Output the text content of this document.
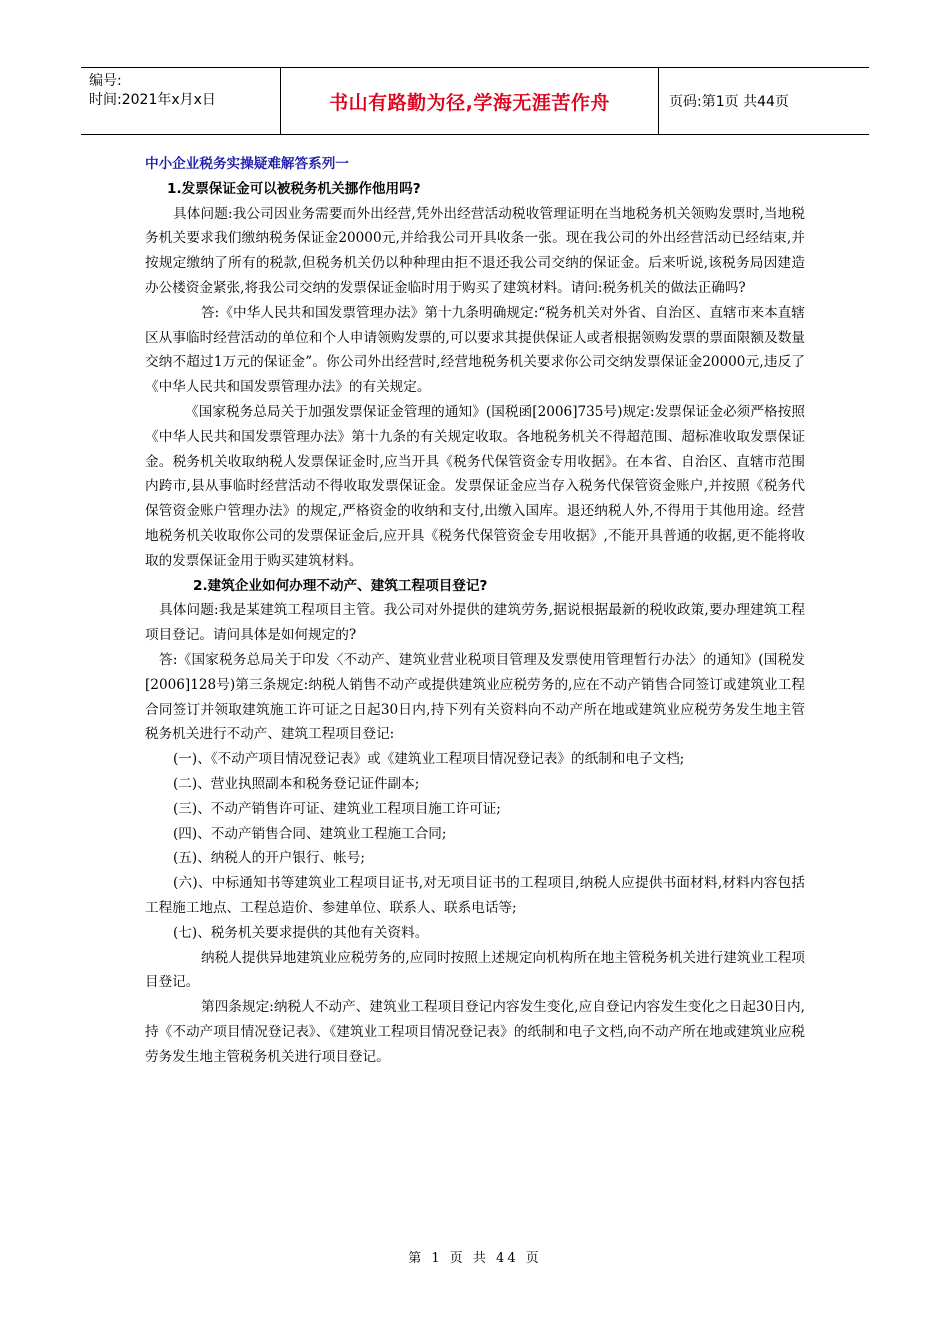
编号:
时间:2021年x月x日	书山有路勤为径,学海无涯苦作舟	页码:第1页 共44页
中小企业税务实操疑难解答系列一
1.发票保证金可以被税务机关挪作他用吗?

具体问题:我公司因业务需要而外出经营,凭外出经营活动税收管理证明在当地税务机关领购发票时,当地税务机关要求我们缴纳税务保证金20000元,并给我公司开具收条一张。现在我公司的外出经营活动已经结束,并按规定缴纳了所有的税款,但税务机关仍以种种理由拒不退还我公司交纳的保证金。后来听说,该税务局因建造办公楼资金紧张,将我公司交纳的发票保证金临时用于购买了建筑材料。请问:税务机关的做法正确吗?

答:《中华人民共和国发票管理办法》第十九条明确规定:“税务机关对外省、自治区、直辖市来本直辖区从事临时经营活动的单位和个人申请领购发票的,可以要求其提供保证人或者根据领购发票的票面限额及数量交纳不超过1万元的保证金”。你公司外出经营时,经营地税务机关要求你公司交纳发票保证金20000元,违反了《中华人民共和国发票管理办法》的有关规定。

《国家税务总局关于加强发票保证金管理的通知》(国税函[2006]735号)规定:发票保证金必须严格按照《中华人民共和国发票管理办法》第十九条的有关规定收取。各地税务机关不得超范围、超标准收取发票保证金。税务机关收取纳税人发票保证金时,应当开具《税务代保管资金专用收据》。在本省、自治区、直辖市范围内跨市,县从事临时经营活动不得收取发票保证金。发票保证金应当存入税务代保管资金账户,并按照《税务代保管资金账户管理办法》的规定,严格资金的收纳和支付,出缴入国库。退还纳税人外,不得用于其他用途。经营地税务机关收取你公司的发票保证金后,应开具《税务代保管资金专用收据》,不能开具普通的收据,更不能将收取的发票保证金用于购买建筑材料。

2.建筑企业如何办理不动产、建筑工程项目登记?

具体问题:我是某建筑工程项目主管。我公司对外提供的建筑劳务,据说根据最新的税收政策,要办理建筑工程项目登记。请问具体是如何规定的?

答:《国家税务总局关于印发〈不动产、建筑业营业税项目管理及发票使用管理暂行办法〉的通知》(国税发[2006]128号)第三条规定:纳税人销售不动产或提供建筑业应税劳务的,应在不动产销售合同签订或建筑业工程合同签订并领取建筑施工许可证之日起30日内,持下列有关资料向不动产所在地或建筑业应税劳务发生地主管税务机关进行不动产、建筑工程项目登记:

(一)、《不动产项目情况登记表》或《建筑业工程项目情况登记表》的纸制和电子文档;

(二)、营业执照副本和税务登记证件副本;

(三)、不动产销售许可证、建筑业工程项目施工许可证;

(四)、不动产销售合同、建筑业工程施工合同;

(五)、纳税人的开户银行、帐号;

(六)、中标通知书等建筑业工程项目证书,对无项目证书的工程项目,纳税人应提供书面材料,材料内容包括工程施工地点、工程总造价、参建单位、联系人、联系电话等;

(七)、税务机关要求提供的其他有关资料。

纳税人提供异地建筑业应税劳务的,应同时按照上述规定向机构所在地主管税务机关进行建筑业工程项目登记。

第四条规定:纳税人不动产、建筑业工程项目登记内容发生变化,应自登记内容发生变化之日起30日内,持《不动产项目情况登记表》、《建筑业工程项目情况登记表》的纸制和电子文档,向不动产所在地或建筑业应税劳务发生地主管税务机关进行项目登记。

第 1 页 共 44 页
